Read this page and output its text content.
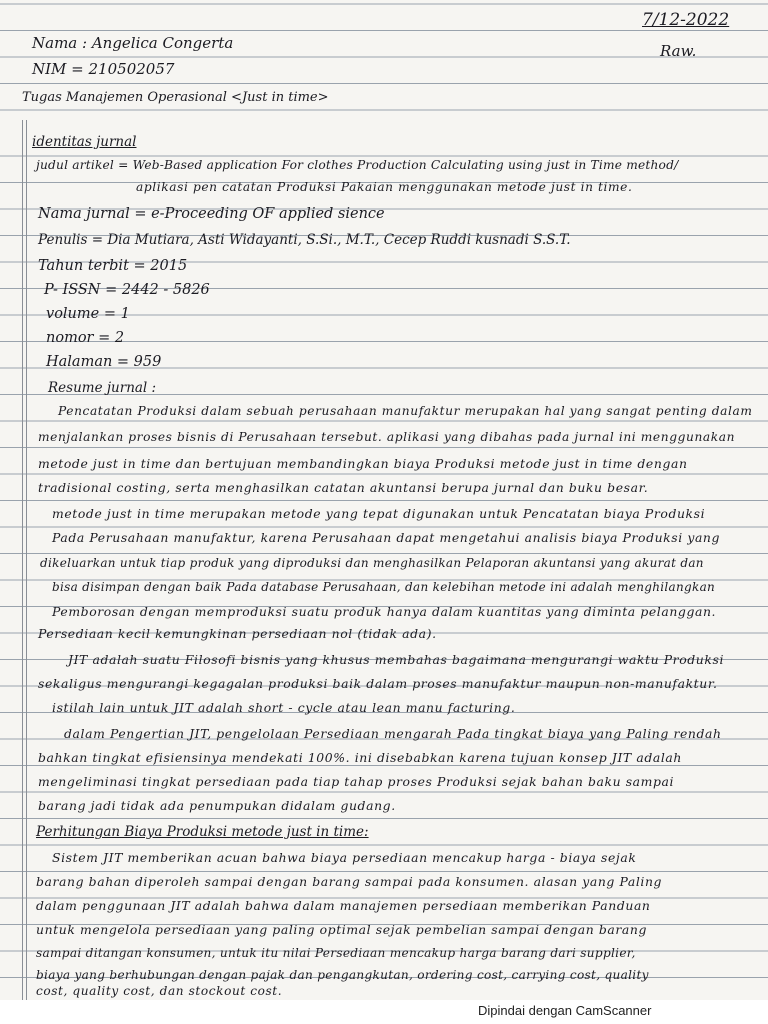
7/12-2022
Raw.
Nama : Angelica Congerta
NIM = 210502057
Tugas Manajemen Operasional <Just in time>
identitas jurnal
judul artikel = Web-Based application For clothes Production Calculating using just in Time method/
aplikasi pen catatan Produksi Pakaian menggunakan metode just in time.
Nama jurnal = e-Proceeding OF applied sience
Penulis = Dia Mutiara, Asti Widayanti, S.Si., M.T., Cecep Ruddi kusnadi S.S.T.
Tahun terbit = 2015
P- ISSN = 2442 - 5826
volume = 1
nomor = 2
Halaman = 959
Resume jurnal :
Pencatatan Produksi dalam sebuah perusahaan manufaktur merupakan hal yang sangat penting dalam
menjalankan proses bisnis di Perusahaan tersebut. aplikasi yang dibahas pada jurnal ini menggunakan
metode just in time dan bertujuan membandingkan biaya Produksi metode just in time dengan
tradisional costing, serta menghasilkan catatan akuntansi berupa jurnal dan buku besar.
metode just in time merupakan metode yang tepat digunakan untuk Pencatatan biaya Produksi
Pada Perusahaan manufaktur, karena Perusahaan dapat mengetahui analisis biaya Produksi yang
dikeluarkan untuk tiap produk yang diproduksi dan menghasilkan Pelaporan akuntansi yang akurat dan
bisa disimpan dengan baik Pada database Perusahaan, dan kelebihan metode ini adalah menghilangkan
Pemborosan dengan memproduksi suatu produk hanya dalam kuantitas yang diminta pelanggan.
Persediaan kecil kemungkinan persediaan nol (tidak ada).
JIT adalah suatu Filosofi bisnis yang khusus membahas bagaimana mengurangi waktu Produksi
sekaligus mengurangi kegagalan produksi baik dalam proses manufaktur maupun non-manufaktur.
istilah lain untuk JIT adalah short - cycle atau lean manu facturing.
dalam Pengertian JIT, pengelolaan Persediaan mengarah Pada tingkat biaya yang Paling rendah
bahkan tingkat efisiensinya mendekati 100%. ini disebabkan karena tujuan konsep JIT adalah
mengeliminasi tingkat persediaan pada tiap tahap proses Produksi sejak bahan baku sampai
barang jadi tidak ada penumpukan didalam gudang.
Perhitungan Biaya Produksi metode just in time:
Sistem JIT memberikan acuan bahwa biaya persediaan mencakup harga - biaya sejak
barang bahan diperoleh sampai dengan barang sampai pada konsumen. alasan yang Paling
dalam penggunaan JIT adalah bahwa dalam manajemen persediaan memberikan Panduan
untuk mengelola persediaan yang paling optimal sejak pembelian sampai dengan barang
sampai ditangan konsumen, untuk itu nilai Persediaan mencakup harga barang dari supplier,
biaya yang berhubungan dengan pajak dan pengangkutan, ordering cost, carrying cost, quality
cost, quality cost, dan stockout cost.
Dipindai dengan CamScanner
